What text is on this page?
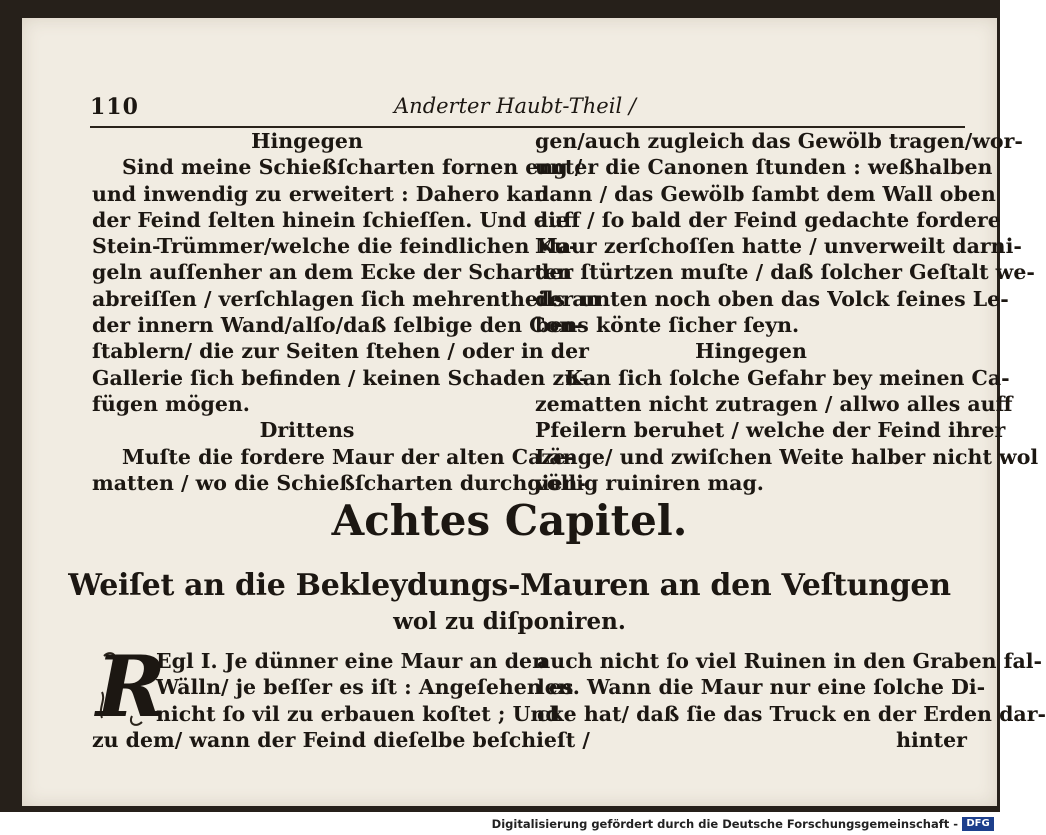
110	Anderter Haubt-Theil /
Hingegen
Sind meine Schießſcharten fornen eng /
und inwendig zu erweitert : Dahero kan
der Feind ſelten hinein ſchieſſen. Und die
Stein-Trümmer/welche die feindlichen Ku-
geln auſſenher an dem Ecke der Scharten
abreiſſen / verſchlagen ſich mehrentheils an
der innern Wand/alſo/daß ſelbige den Con-
ſtablern/ die zur Seiten ſtehen / oder in der
Gallerie ſich befinden / keinen Schaden zu-
fügen mögen.
Drittens
Muſte die fordere Maur der alten Caze-
matten / wo die Schießſcharten durchgien-
gen/auch zugleich das Gewölb tragen/wor-
unter die Canonen ſtunden : weßhalben
dann / das Gewölb ſambt dem Wall oben
auff / ſo bald der Feind gedachte fordere
Maur zerſchoſſen hatte / unverweilt darni-
der ſtürtzen muſte / daß ſolcher Geſtalt we-
der unten noch oben das Volck ſeines Le-
bens könte ſicher ſeyn.
Hingegen
Kan ſich ſolche Gefahr bey meinen Ca-
zematten nicht zutragen / allwo alles auff
Pfeilern beruhet / welche der Feind ihrer
Länge/ und zwiſchen Weite halber nicht wol
völlig ruiniren mag.
Achtes Capitel.
Weiſet an die Bekleydungs-Mauren an den Veſtungen
wol zu diſponiren.
Egl I. Je dünner eine Maur an den
Wälln/ je beſſer es iſt : Angeſehen es
nicht ſo vil zu erbauen koſtet ; Und
zu dem/ wann der Feind dieſelbe beſchieſt /
R	auch nicht ſo viel Ruinen in den Graben fal-
len. Wann die Maur nur eine ſolche Di-
cke hat/ daß ſie das Truck en der Erden dar-
hinter
Digitalisierung gefördert durch die Deutsche Forschungsgemeinschaft - DFG
